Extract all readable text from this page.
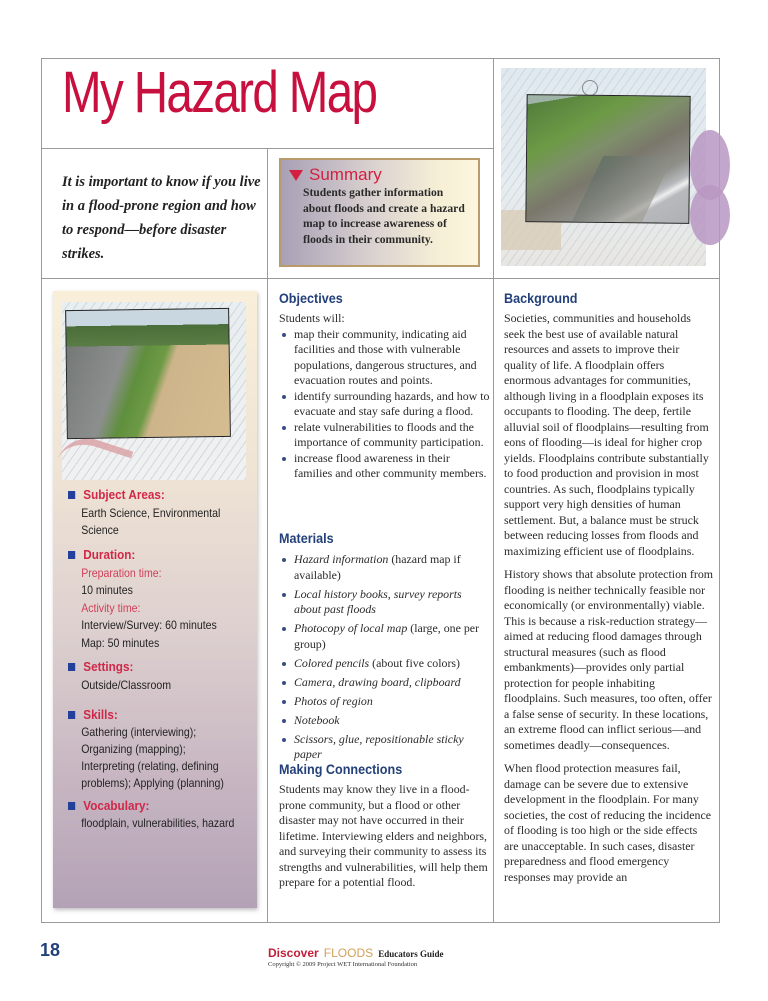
My Hazard Map
It is important to know if you live in a flood-prone region and how to respond—before disaster strikes.
Summary
Students gather information about floods and create a hazard map to increase awareness of floods in their community.
Subject Areas:
Earth Science, Environmental
Science
Duration:
Preparation time:
10 minutes
Activity time:
Interview/Survey: 60 minutes
Map: 50 minutes
Settings:
Outside/Classroom
Skills:
Gathering (interviewing);
Organizing (mapping);
Interpreting (relating, defining
problems); Applying (planning)
Vocabulary:
floodplain, vulnerabilities, hazard
Objectives
Students will:
map their community, indicating aid facilities and those with vulnerable populations, dangerous structures, and evacuation routes and points.
identify surrounding hazards, and how to evacuate and stay safe during a flood.
relate vulnerabilities to floods and the importance of community participation.
increase flood awareness in their families and other community members.
Materials
Hazard information (hazard map if available)
Local history books, survey reports about past floods
Photocopy of local map (large, one per group)
Colored pencils (about five colors)
Camera, drawing board, clipboard
Photos of region
Notebook
Scissors, glue, repositionable sticky paper
Making Connections
Students may know they live in a flood-prone community, but a flood or other disaster may not have occurred in their lifetime. Interviewing elders and neighbors, and surveying their community to assess its strengths and vulnerabilities, will help them prepare for a potential flood.
Background
Societies, communities and households seek the best use of available natural resources and assets to improve their quality of life. A floodplain offers enormous advantages for communities, although living in a floodplain exposes its occupants to flooding. The deep, fertile alluvial soil of floodplains—resulting from eons of flooding—is ideal for higher crop yields. Floodplains contribute substantially to food production and provision in most countries. As such, floodplains typically support very high densities of human settlement. But, a balance must be struck between reducing losses from floods and maximizing efficient use of floodplains.
History shows that absolute protection from flooding is neither technically feasible nor economically (or environmentally) viable. This is because a risk-reduction strategy—aimed at reducing flood damages through structural measures (such as flood embankments)—provides only partial protection for people inhabiting floodplains. Such measures, too often, offer a false sense of security. In these locations, an extreme flood can inflict serious—and sometimes deadly—consequences.
When flood protection measures fail, damage can be severe due to extensive development in the floodplain. For many societies, the cost of reducing the incidence of flooding is too high or the side effects are unacceptable. In such cases, disaster preparedness and flood emergency responses may provide an
18	Discover FLOODS Educators Guide
Copyright © 2009 Project WET International Foundation
